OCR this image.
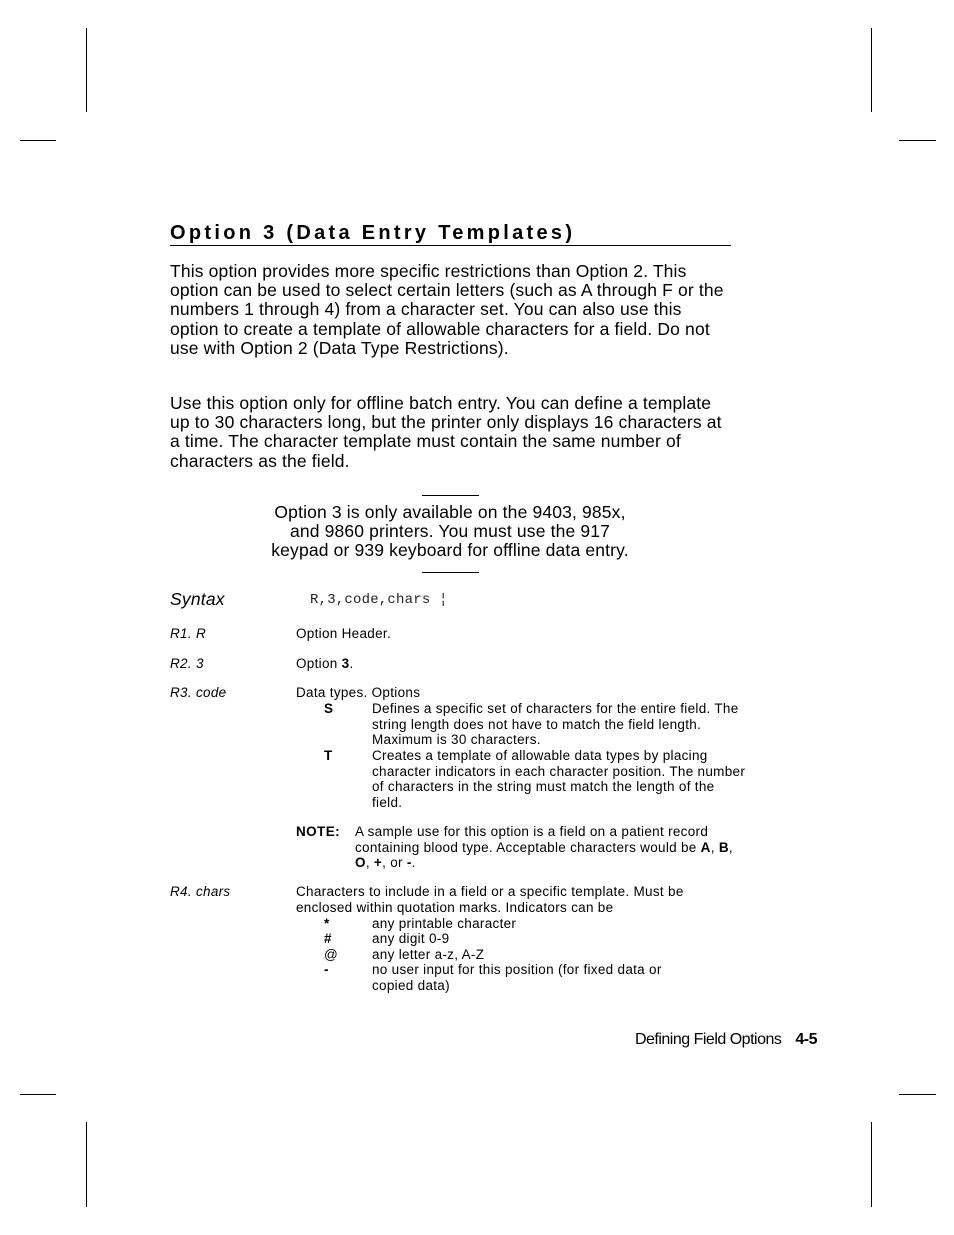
Option 3 (Data Entry Templates)

This option provides more specific restrictions than Option 2. This option can be used to select certain letters (such as A through F or the numbers 1 through 4) from a character set. You can also use this option to create a template of allowable characters for a field. Do not use with Option 2 (Data Type Restrictions).

Use this option only for offline batch entry. You can define a template up to 30 characters long, but the printer only displays 16 characters at a time. The character template must contain the same number of characters as the field.

Option 3 is only available on the 9403, 985x,
and 9860 printers. You must use the 917
keypad or 939 keyboard for offline data entry.
Syntax	R,3,code,chars ¦
R1. R	Option Header.
R2. 3	Option 3.
R3. code	Data types. Options
S	Defines a specific set of characters for the entire field. The string length does not have to match the field length. Maximum is 30 characters.
T	Creates a template of allowable data types by placing character indicators in each character position. The number of characters in the string must match the length of the field.
NOTE: A sample use for this option is a field on a patient record containing blood type. Acceptable characters would be A, B, O, +, or -.
R4. chars	Characters to include in a field or a specific template. Must be enclosed within quotation marks. Indicators can be
*	any printable character
#	any digit 0-9
@	any letter a-z, A-Z
-	no user input for this position (for fixed data or copied data)
Defining Field Options 4-5
